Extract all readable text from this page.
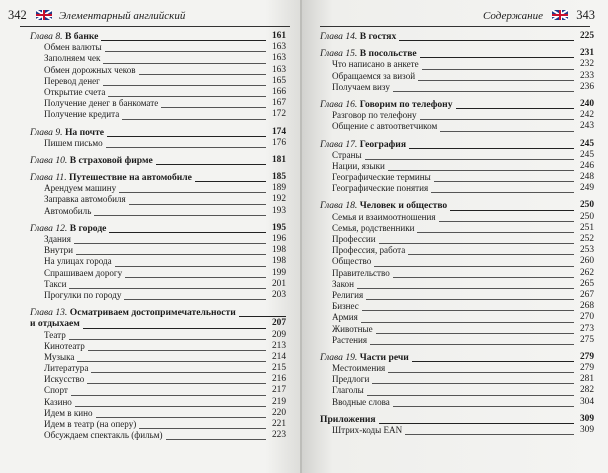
342	Элементарный английский
Глава 8. В банке	161
Обмен валюты	163
Заполняем чек	163
Обмен дорожных чеков	163
Перевод денег	165
Открытие счета	166
Получение денег в банкомате	167
Получение кредита	172
Глава 9. На почте	174
Пишем письмо	176
Глава 10. В страховой фирме	181
Глава 11. Путешествие на автомобиле	185
Арендуем машину	189
Заправка автомобиля	192
Автомобиль	193
Глава 12. В городе	195
Здания	196
Внутри	198
На улицах города	198
Спрашиваем дорогу	199
Такси	201
Прогулки по городу	203
Глава 13. Осматриваем достопримечательности
и отдыхаем	207
Театр	209
Кинотеатр	213
Музыка	214
Литература	215
Искусство	216
Спорт	217
Казино	219
Идем в кино	220
Идем в театр (на оперу)	221
Обсуждаем спектакль (фильм)	223
Содержание	343
Глава 14. В гостях	225
Глава 15. В посольстве	231
Что написано в анкете	232
Обращаемся за визой	233
Получаем визу	236
Глава 16. Говорим по телефону	240
Разговор по телефону	242
Общение с автоответчиком	243
Глава 17. География	245
Страны	245
Нации, языки	246
Географические термины	248
Географические понятия	249
Глава 18. Человек и общество	250
Семья и взаимоотношения	250
Семья, родственники	251
Профессии	252
Профессия, работа	253
Общество	260
Правительство	262
Закон	265
Религия	267
Бизнес	268
Армия	270
Животные	273
Растения	275
Глава 19. Части речи	279
Местоимения	279
Предлоги	281
Глаголы	282
Вводные слова	304
Приложения	309
Штрих-коды EAN	309
